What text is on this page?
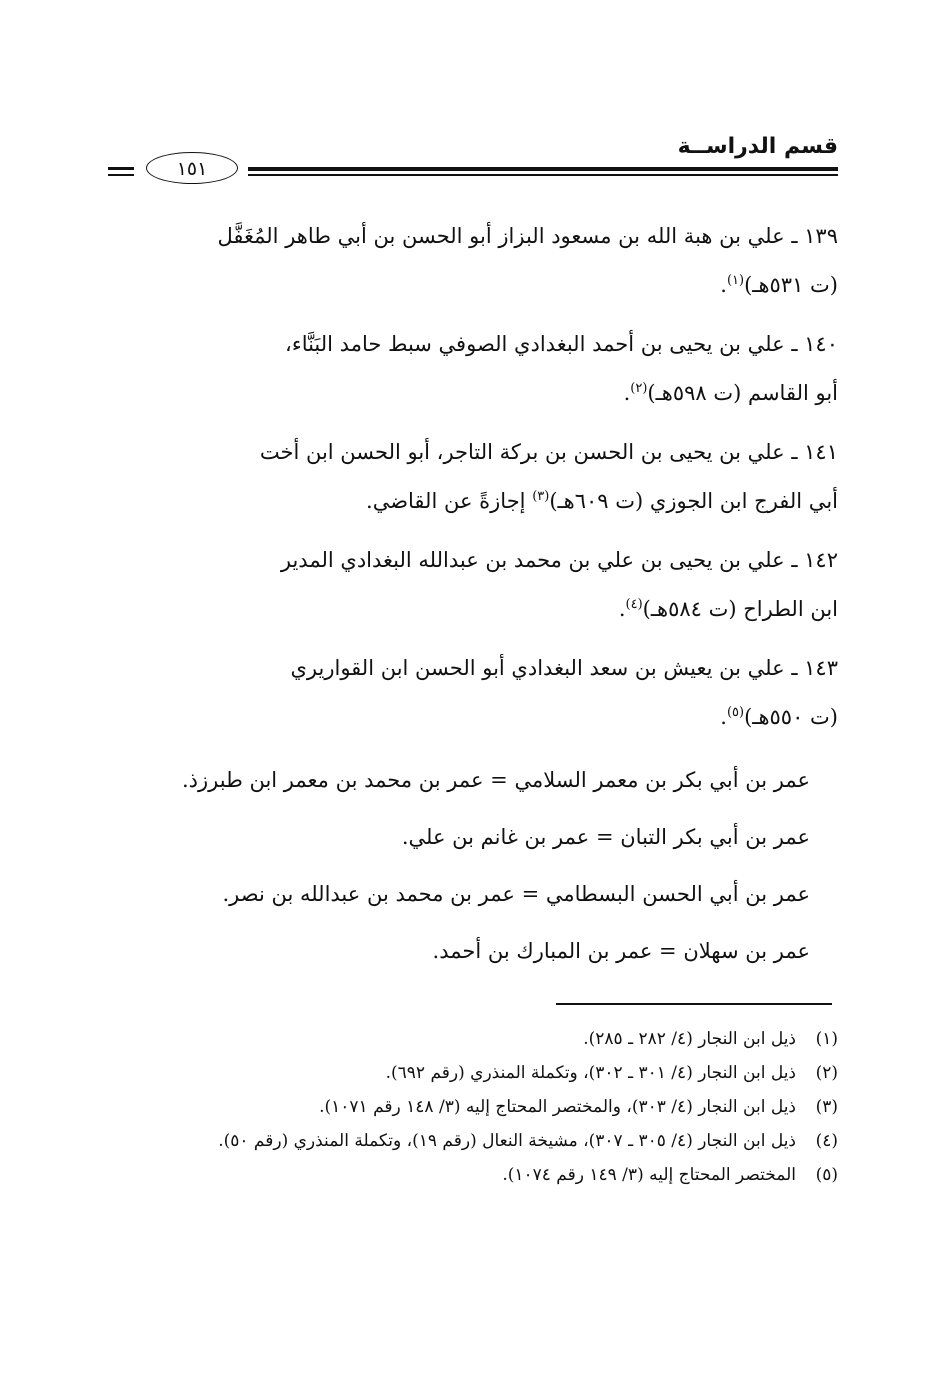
قسم الدراســة
١٥١

١٣٩ ـ علي بن هبة الله بن مسعود البزاز أبو الحسن بن أبي طاهر المُغَفَّل

(ت ٥٣١هـ)$^{(١)}$.

١٤٠ ـ علي بن يحيى بن أحمد البغدادي الصوفي سبط حامد البَنَّاء،

أبو القاسم (ت ٥٩٨هـ)$^{(٢)}$.

١٤١ ـ علي بن يحيى بن الحسن بن بركة التاجر، أبو الحسن ابن أخت

أبي الفرج ابن الجوزي (ت ٦٠٩هـ)$^{(٣)}$ إجازةً عن القاضي.

١٤٢ ـ علي بن يحيى بن علي بن محمد بن عبدالله البغدادي المدير

ابن الطراح (ت ٥٨٤هـ)$^{(٤)}$.

١٤٣ ـ علي بن يعيش بن سعد البغدادي أبو الحسن ابن القواريري

(ت ٥٥٠هـ)$^{(٥)}$.

عمر بن أبي بكر بن معمر السلامي = عمر بن محمد بن معمر ابن طبرزذ.

عمر بن أبي بكر التبان = عمر بن غانم بن علي.

عمر بن أبي الحسن البسطامي = عمر بن محمد بن عبدالله بن نصر.

عمر بن سهلان = عمر بن المبارك بن أحمد.

(١)
ذيل ابن النجار (٤/ ٢٨٢ ـ ٢٨٥).
(٢)
ذيل ابن النجار (٤/ ٣٠١ ـ ٣٠٢)، وتكملة المنذري (رقم ٦٩٢).
(٣)
ذيل ابن النجار (٤/ ٣٠٣)، والمختصر المحتاج إليه (٣/ ١٤٨ رقم ١٠٧١).
(٤)
ذيل ابن النجار (٤/ ٣٠٥ ـ ٣٠٧)، مشيخة النعال (رقم ١٩)، وتكملة المنذري (رقم ٥٠).
(٥)
المختصر المحتاج إليه (٣/ ١٤٩ رقم ١٠٧٤).
